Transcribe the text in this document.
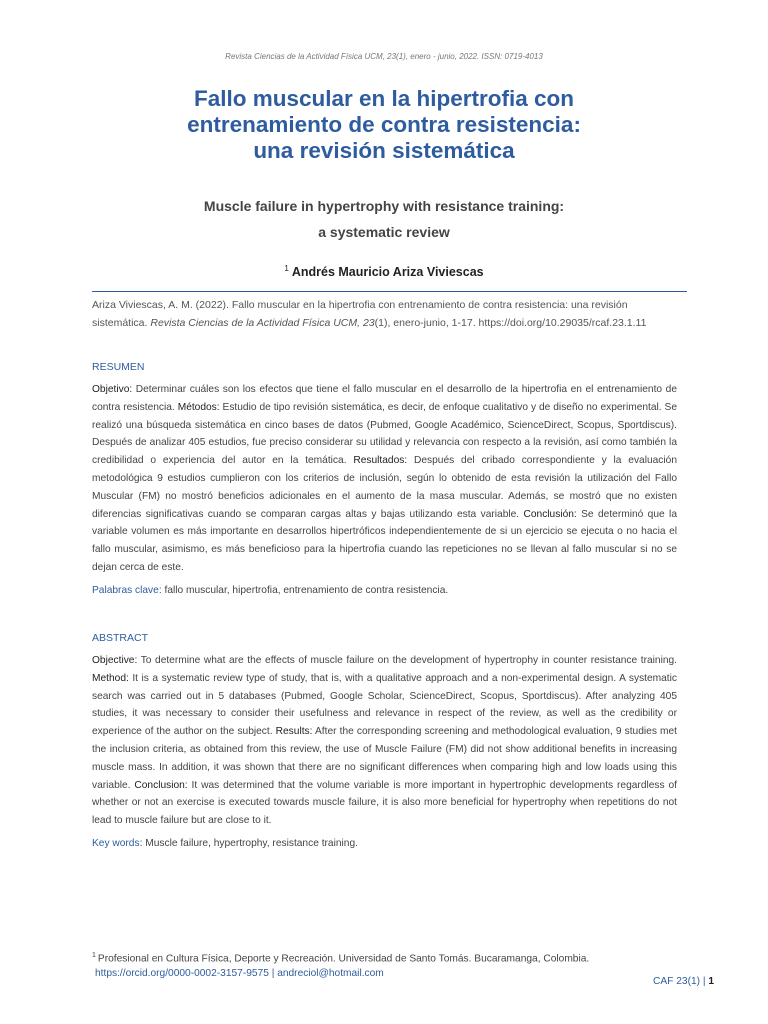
Revista Ciencias de la Actividad Física UCM, 23(1), enero - junio, 2022. ISSN: 0719-4013
Fallo muscular en la hipertrofia con
entrenamiento de contra resistencia:
una revisión sistemática
Muscle failure in hypertrophy with resistance training:
a systematic review
$^1$ Andrés Mauricio Ariza Viviescas
Ariza Viviescas, A. M. (2022). Fallo muscular en la hipertrofia con entrenamiento de contra resistencia: una revisión sistemática. Revista Ciencias de la Actividad Física UCM, 23(1), enero-junio, 1-17. https://doi.org/10.29035/rcaf.23.1.11
RESUMEN
Objetivo: Determinar cuáles son los efectos que tiene el fallo muscular en el desarrollo de la hipertrofia en el entrenamiento de contra resistencia. Métodos: Estudio de tipo revisión sistemática, es decir, de enfoque cualitativo y de diseño no experimental. Se realizó una búsqueda sistemática en cinco bases de datos (Pubmed, Google Académico, ScienceDirect, Scopus, Sportdiscus). Después de analizar 405 estudios, fue preciso considerar su utilidad y relevancia con respecto a la revisión, así como también la credibilidad o experiencia del autor en la temática. Resultados: Después del cribado correspondiente y la evaluación metodológica 9 estudios cumplieron con los criterios de inclusión, según lo obtenido de esta revisión la utilización del Fallo Muscular (FM) no mostró beneficios adicionales en el aumento de la masa muscular. Además, se mostró que no existen diferencias significativas cuando se comparan cargas altas y bajas utilizando esta variable. Conclusión: Se determinó que la variable volumen es más importante en desarrollos hipertróficos independientemente de si un ejercicio se ejecuta o no hacia el fallo muscular, asimismo, es más beneficioso para la hipertrofia cuando las repeticiones no se llevan al fallo muscular si no se dejan cerca de este.
Palabras clave: fallo muscular, hipertrofia, entrenamiento de contra resistencia.
ABSTRACT
Objective: To determine what are the effects of muscle failure on the development of hypertrophy in counter resistance training. Method: It is a systematic review type of study, that is, with a qualitative approach and a non-experimental design. A systematic search was carried out in 5 databases (Pubmed, Google Scholar, ScienceDirect, Scopus, Sportdiscus). After analyzing 405 studies, it was necessary to consider their usefulness and relevance in respect of the review, as well as the credibility or experience of the author on the subject. Results: After the corresponding screening and methodological evaluation, 9 studies met the inclusion criteria, as obtained from this review, the use of Muscle Failure (FM) did not show additional benefits in increasing muscle mass. In addition, it was shown that there are no significant differences when comparing high and low loads using this variable. Conclusion: It was determined that the volume variable is more important in hypertrophic developments regardless of whether or not an exercise is executed towards muscle failure, it is also more beneficial for hypertrophy when repetitions do not lead to muscle failure but are close to it.
Key words: Muscle failure, hypertrophy, resistance training.
$^1$ Profesional en Cultura Física, Deporte y Recreación. Universidad de Santo Tomás. Bucaramanga, Colombia.
https://orcid.org/0000-0002-3157-9575 | andreciol@hotmail.com
CAF 23(1) | 1
